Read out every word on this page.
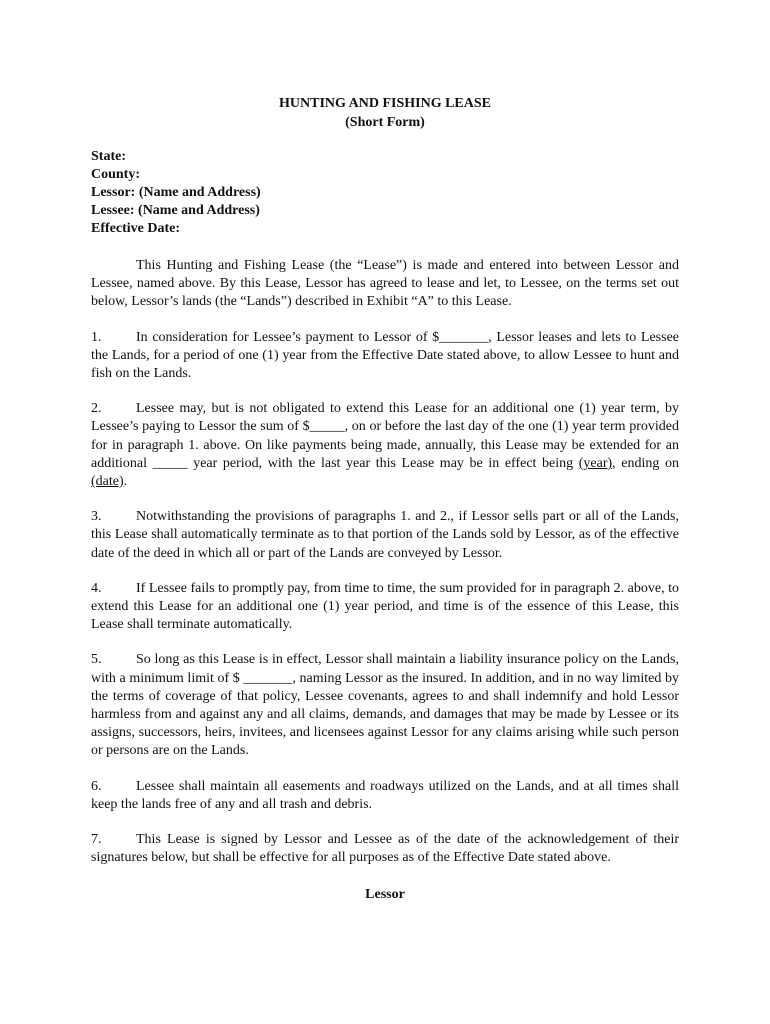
HUNTING AND FISHING LEASE
(Short Form)
State:
County:
Lessor: (Name and Address)
Lessee: (Name and Address)
Effective Date:

This Hunting and Fishing Lease (the “Lease”) is made and entered into between Lessor and Lessee, named above. By this Lease, Lessor has agreed to lease and let, to Lessee, on the terms set out below, Lessor’s lands (the “Lands”) described in Exhibit “A” to this Lease.

1. In consideration for Lessee’s payment to Lessor of $_______, Lessor leases and lets to Lessee the Lands, for a period of one (1) year from the Effective Date stated above, to allow Lessee to hunt and fish on the Lands.

2. Lessee may, but is not obligated to extend this Lease for an additional one (1) year term, by Lessee’s paying to Lessor the sum of $_____, on or before the last day of the one (1) year term provided for in paragraph 1. above. On like payments being made, annually, this Lease may be extended for an additional _____ year period, with the last year this Lease may be in effect being (year), ending on (date).

3. Notwithstanding the provisions of paragraphs 1. and 2., if Lessor sells part or all of the Lands, this Lease shall automatically terminate as to that portion of the Lands sold by Lessor, as of the effective date of the deed in which all or part of the Lands are conveyed by Lessor.

4. If Lessee fails to promptly pay, from time to time, the sum provided for in paragraph 2. above, to extend this Lease for an additional one (1) year period, and time is of the essence of this Lease, this Lease shall terminate automatically.

5. So long as this Lease is in effect, Lessor shall maintain a liability insurance policy on the Lands, with a minimum limit of $ _______, naming Lessor as the insured. In addition, and in no way limited by the terms of coverage of that policy, Lessee covenants, agrees to and shall indemnify and hold Lessor harmless from and against any and all claims, demands, and damages that may be made by Lessee or its assigns, successors, heirs, invitees, and licensees against Lessor for any claims arising while such person or persons are on the Lands.

6. Lessee shall maintain all easements and roadways utilized on the Lands, and at all times shall keep the lands free of any and all trash and debris.

7. This Lease is signed by Lessor and Lessee as of the date of the acknowledgement of their signatures below, but shall be effective for all purposes as of the Effective Date stated above.

Lessor
